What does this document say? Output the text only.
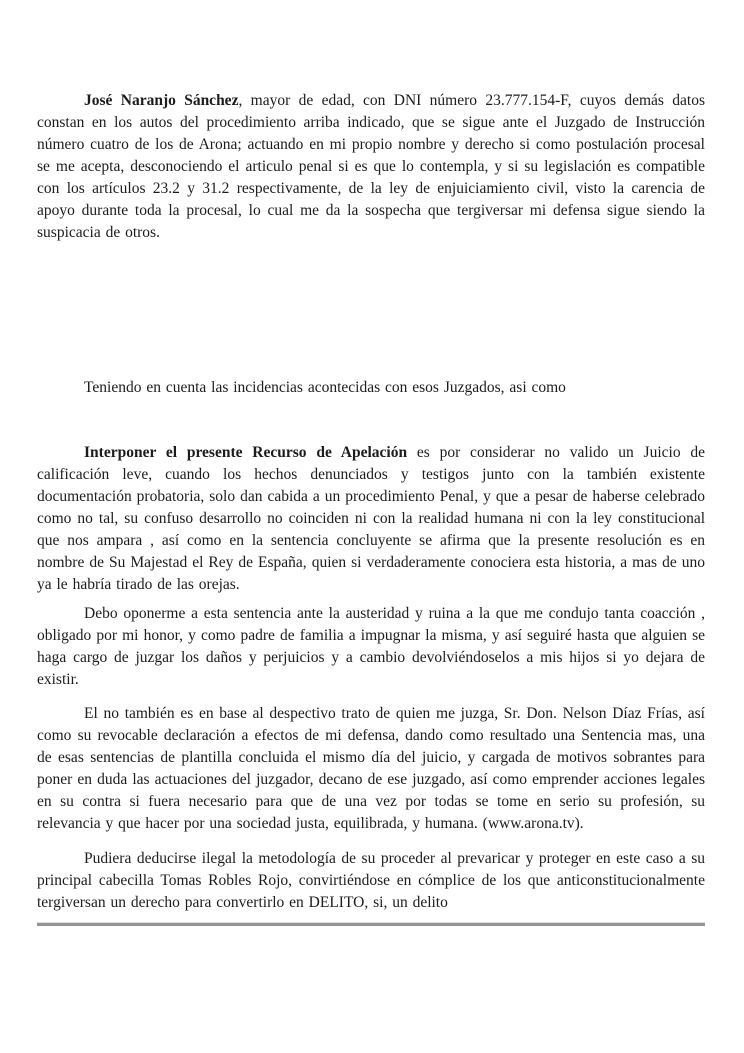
José Naranjo Sánchez, mayor de edad, con DNI número 23.777.154-F, cuyos demás datos constan en los autos del procedimiento arriba indicado, que se sigue ante el Juzgado de Instrucción número cuatro de los de Arona; actuando en mi propio nombre y derecho si como postulación procesal se me acepta, desconociendo el articulo penal si es que lo contempla, y si su legislación es compatible con los artículos 23.2 y 31.2 respectivamente, de la ley de enjuiciamiento civil, visto la carencia de apoyo durante toda la procesal, lo cual me da la sospecha que tergiversar mi defensa sigue siendo la suspicacia de otros.

Teniendo en cuenta las incidencias acontecidas con esos Juzgados, asi como

Interponer el presente Recurso de Apelación es por considerar no valido un Juicio de calificación leve, cuando los hechos denunciados y testigos junto con la también existente documentación probatoria, solo dan cabida a un procedimiento Penal, y que a pesar de haberse celebrado como no tal, su confuso desarrollo no coinciden ni con la realidad humana ni con la ley constitucional que nos ampara , así como en la sentencia concluyente se afirma que la presente resolución es en nombre de Su Majestad el Rey de España, quien si verdaderamente conociera esta historia, a mas de uno ya le habría tirado de las orejas.

Debo oponerme a esta sentencia ante la austeridad y ruina a la que me condujo tanta coacción , obligado por mi honor, y como padre de familia a impugnar la misma, y así seguiré hasta que alguien se haga cargo de juzgar los daños y perjuicios y a cambio devolviéndoselos a mis hijos si yo dejara de existir.

El no también es en base al despectivo trato de quien me juzga, Sr. Don. Nelson Díaz Frías, así como su revocable declaración a efectos de mi defensa, dando como resultado una Sentencia mas, una de esas sentencias de plantilla concluida el mismo día del juicio, y cargada de motivos sobrantes para poner en duda las actuaciones del juzgador, decano de ese juzgado, así como emprender acciones legales en su contra si fuera necesario para que de una vez por todas se tome en serio su profesión, su relevancia y que hacer por una sociedad justa, equilibrada, y humana. (www.arona.tv).

Pudiera deducirse ilegal la metodología de su proceder al prevaricar y proteger en este caso a su principal cabecilla Tomas Robles Rojo, convirtiéndose en cómplice de los que anticonstitucionalmente tergiversan un derecho para convertirlo en DELITO, si, un delito
